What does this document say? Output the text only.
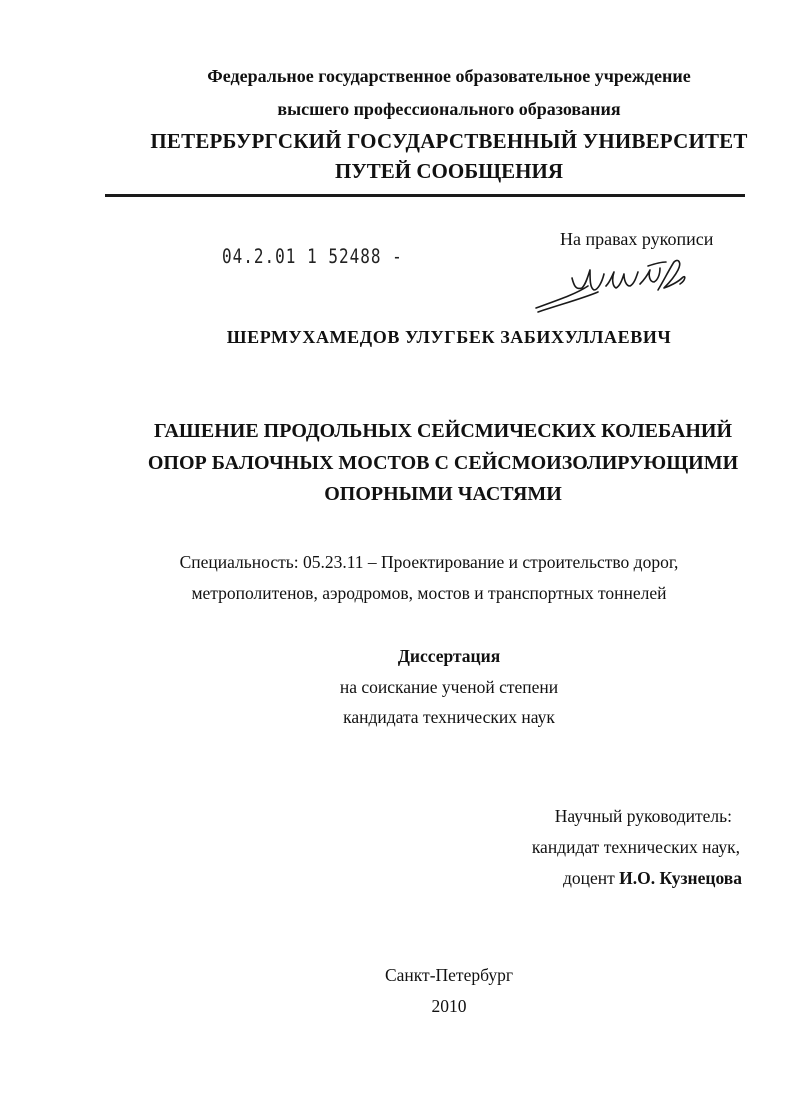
Федеральное государственное образовательное учреждение
высшего профессионального образования
ПЕТЕРБУРГСКИЙ ГОСУДАРСТВЕННЫЙ УНИВЕРСИТЕТ
ПУТЕЙ СООБЩЕНИЯ
На правах рукописи
04.2.01 1 52488 -
ШЕРМУХАМЕДОВ УЛУГБЕК ЗАБИХУЛЛАЕВИЧ
ГАШЕНИЕ ПРОДОЛЬНЫХ СЕЙСМИЧЕСКИХ КОЛЕБАНИЙ
ОПОР БАЛОЧНЫХ МОСТОВ С СЕЙСМОИЗОЛИРУЮЩИМИ
ОПОРНЫМИ ЧАСТЯМИ
Специальность: 05.23.11 – Проектирование и строительство дорог,
метрополитенов, аэродромов, мостов и транспортных тоннелей
Диссертация
на соискание ученой степени
кандидата технических наук
Научный руководитель:
кандидат технических наук,
доцент И.О. Кузнецова
Санкт-Петербург
2010
